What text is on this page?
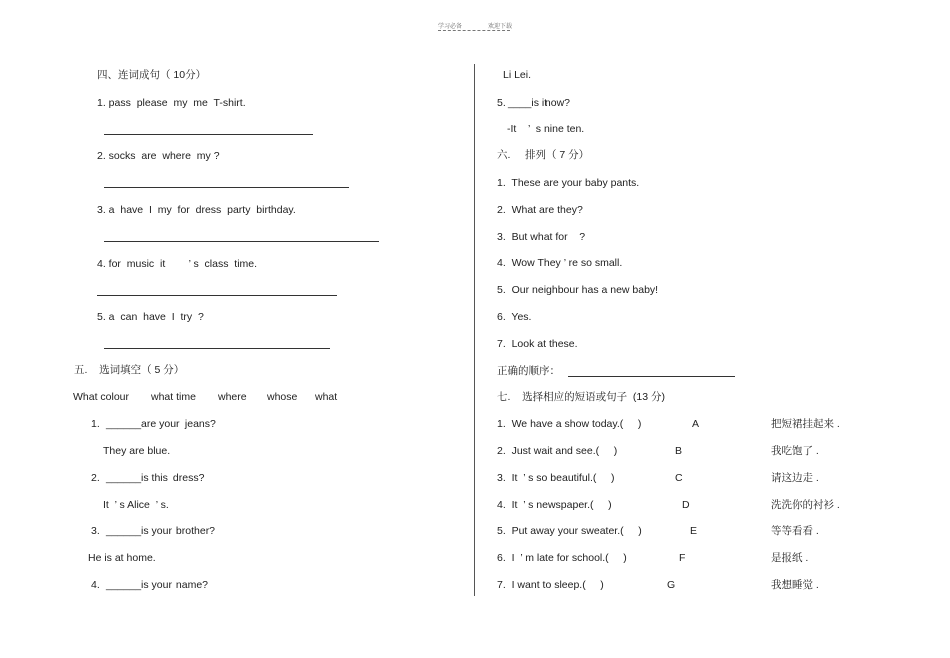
学习必备	欢迎下载
四、连词成句（ 10分）
1. pass  please  my  me  T-shirt.
2. socks  are  where  my ?
3. a  have  I  my  for  dress  party  birthday.
4. for  music  it        ’ s  class  time.
5. a  can  have  I  try  ?
五.    选词填空（ 5 分）
What colour what time where whose what
1. ______are your jeans?
They are blue.
2. ______is this dress?
It  ’ s Alice  ’ s.
3. ______is your brother?
He is at home.
4. ______is your name?
Li Lei.
5. ____is it
now?
-It    ’  s nine ten.
六.     排列（ 7 分）
1.  These are your baby pants.
2.  What are they?
3.  But what for    ?
4.  Wow They ’ re so small.
5.  Our neighbour has a new baby!
6.  Yes.
7.  Look at these.
正确的顺序：
七.    选择相应的短语或句子  (13 分)
1.  We have a show today.(     )	A	把短裙挂起来 .
2.  Just wait and see.(     )	B	我吃饱了 .
3.  It  ’ s so beautiful.(     )	C	请这边走 .
4.  It  ’ s newspaper.(     )	D	洗洗你的衬衫 .
5.  Put away your sweater.(     )	E	等等看看 .
6.  I  ’ m late for school.(     )	F	是报纸 .
7.  I want to sleep.(     )	G	我想睡觉 .
